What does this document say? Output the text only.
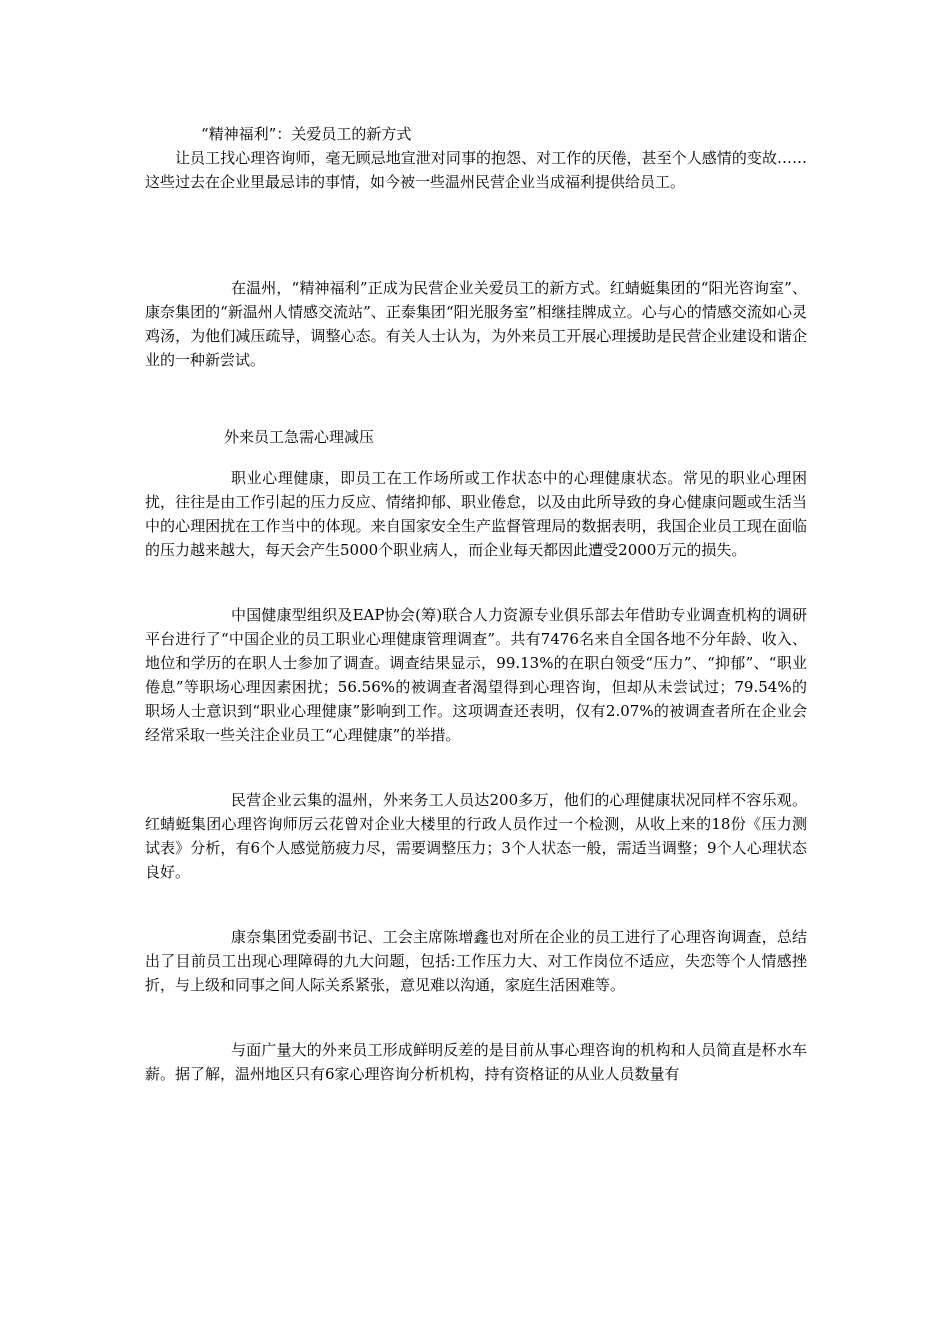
“精神福利”：关爱员工的新方式

让员工找心理咨询师，毫无顾忌地宣泄对同事的抱怨、对工作的厌倦，甚至个人感情的变故……这些过去在企业里最忌讳的事情，如今被一些温州民营企业当成福利提供给员工。

在温州，“精神福利”正成为民营企业关爱员工的新方式。红蜻蜓集团的“阳光咨询室”、康奈集团的“新温州人情感交流站”、正泰集团“阳光服务室”相继挂牌成立。心与心的情感交流如心灵鸡汤，为他们减压疏导，调整心态。有关人士认为，为外来员工开展心理援助是民营企业建设和谐企业的一种新尝试。

外来员工急需心理减压

职业心理健康，即员工在工作场所或工作状态中的心理健康状态。常见的职业心理困扰，往往是由工作引起的压力反应、情绪抑郁、职业倦怠，以及由此所导致的身心健康问题或生活当中的心理困扰在工作当中的体现。来自国家安全生产监督管理局的数据表明，我国企业员工现在面临的压力越来越大，每天会产生5000个职业病人，而企业每天都因此遭受2000万元的损失。

中国健康型组织及EAP协会(筹)联合人力资源专业俱乐部去年借助专业调查机构的调研平台进行了“中国企业的员工职业心理健康管理调查”。共有7476名来自全国各地不分年龄、收入、地位和学历的在职人士参加了调查。调查结果显示，99.13%的在职白领受“压力”、“抑郁”、“职业倦息”等职场心理因素困扰；56.56%的被调查者渴望得到心理咨询，但却从未尝试过；79.54%的职场人士意识到“职业心理健康”影响到工作。这项调查还表明，仅有2.07%的被调查者所在企业会经常采取一些关注企业员工“心理健康”的举措。

民营企业云集的温州，外来务工人员达200多万，他们的心理健康状况同样不容乐观。红蜻蜓集团心理咨询师厉云花曾对企业大楼里的行政人员作过一个检测，从收上来的18份《压力测试表》分析，有6个人感觉筋疲力尽，需要调整压力；3个人状态一般，需适当调整；9个人心理状态良好。

康奈集团党委副书记、工会主席陈增鑫也对所在企业的员工进行了心理咨询调查，总结出了目前员工出现心理障碍的九大问题，包括:工作压力大、对工作岗位不适应，失恋等个人情感挫折，与上级和同事之间人际关系紧张，意见难以沟通，家庭生活困难等。

与面广量大的外来员工形成鲜明反差的是目前从事心理咨询的机构和人员简直是杯水车薪。据了解，温州地区只有6家心理咨询分析机构，持有资格证的从业人员数量有
